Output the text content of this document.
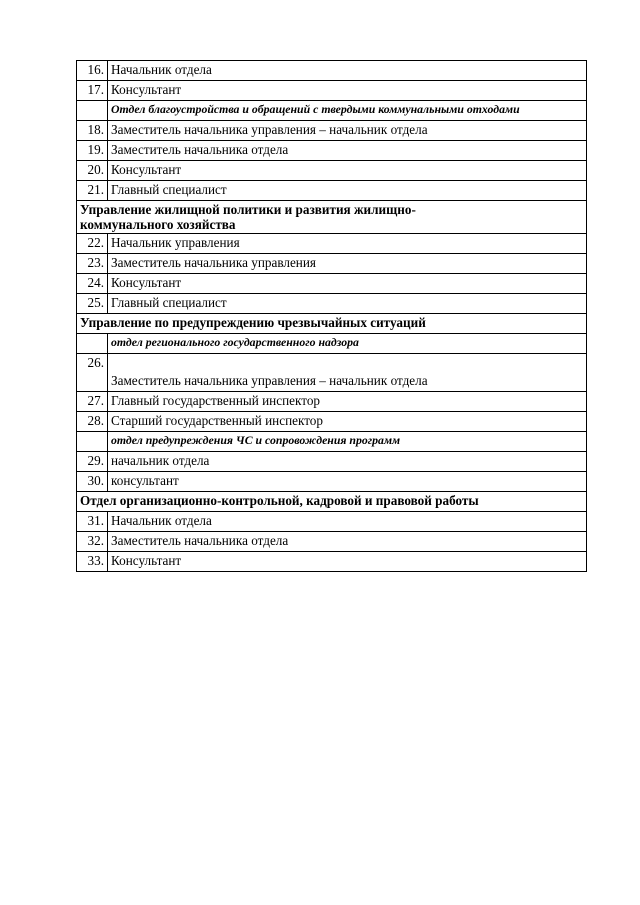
16.	Начальник отдела
17.	Консультант
	Отдел благоустройства и обращений с твердыми коммунальными отходами
18.	Заместитель начальника управления – начальник отдела
19.	Заместитель начальника отдела
20.	Консультант
21.	Главный специалист
Управление жилищной политики и развития жилищно-
коммунального хозяйства	
22.	Начальник управления
23.	Заместитель начальника управления
24.	Консультант
25.	Главный специалист
Управление по предупреждению чрезвычайных ситуаций	
	отдел регионального государственного надзора
26.	Заместитель начальника управления – начальник отдела
27.	Главный государственный инспектор
28.	Старший государственный инспектор
	отдел предупреждения ЧС и сопровождения программ
29.	начальник отдела
30.	консультант
Отдел организационно-контрольной, кадровой и правовой работы	
31.	Начальник отдела
32.	Заместитель начальника отдела
33.	Консультант
